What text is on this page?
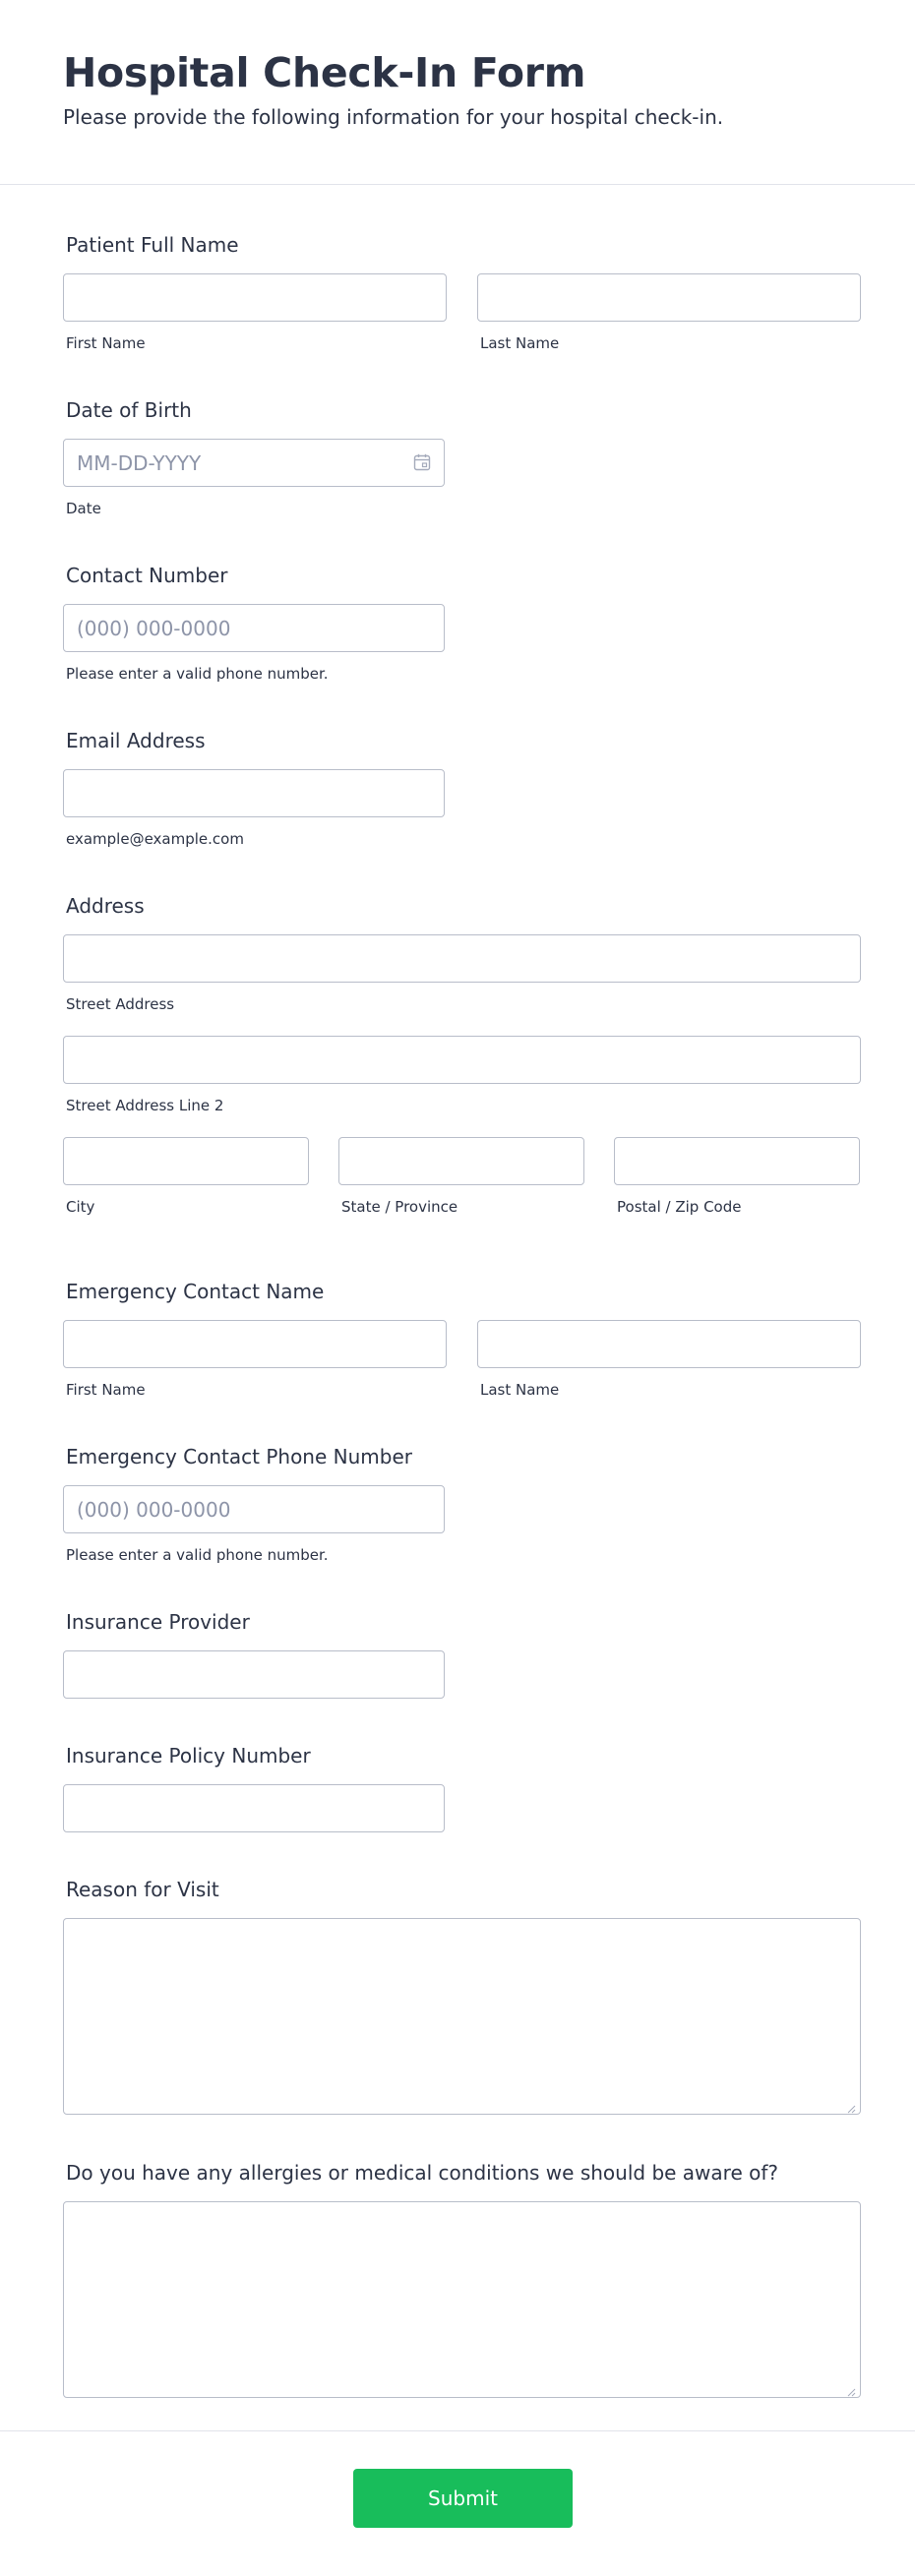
Hospital Check-In Form
Please provide the following information for your hospital check-in.
Patient Full Name
First Name	Last Name
Date of Birth
MM-DD-YYYY
Date
Contact Number
(000) 000-0000
Please enter a valid phone number.
Email Address
example@example.com
Address
Street Address
Street Address Line 2
City	State / Province	Postal / Zip Code
Emergency Contact Name
First Name	Last Name
Emergency Contact Phone Number
(000) 000-0000
Please enter a valid phone number.
Insurance Provider
Insurance Policy Number
Reason for Visit
Do you have any allergies or medical conditions we should be aware of?
Submit
